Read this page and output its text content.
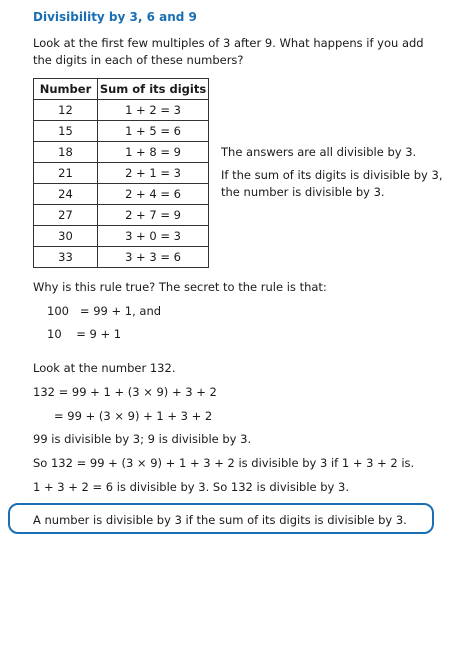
Divisibility by 3, 6 and 9
Look at the first few multiples of 3 after 9. What happens if you add
the digits in each of these numbers?
Number	Sum of its digits
12	1 + 2 = 3
15	1 + 5 = 6
18	1 + 8 = 9
21	2 + 1 = 3
24	2 + 4 = 6
27	2 + 7 = 9
30	3 + 0 = 3
33	3 + 3 = 6
The answers are all divisible by 3.
If the sum of its digits is divisible by 3,
the number is divisible by 3.
Why is this rule true? The secret to the rule is that:
100   = 99 + 1, and
10    = 9 + 1
Look at the number 132.
132 = 99 + 1 + (3 × 9) + 3 + 2
= 99 + (3 × 9) + 1 + 3 + 2
99 is divisible by 3; 9 is divisible by 3.
So 132 = 99 + (3 × 9) + 1 + 3 + 2 is divisible by 3 if 1 + 3 + 2 is.
1 + 3 + 2 = 6 is divisible by 3. So 132 is divisible by 3.
A number is divisible by 3 if the sum of its digits is divisible by 3.
